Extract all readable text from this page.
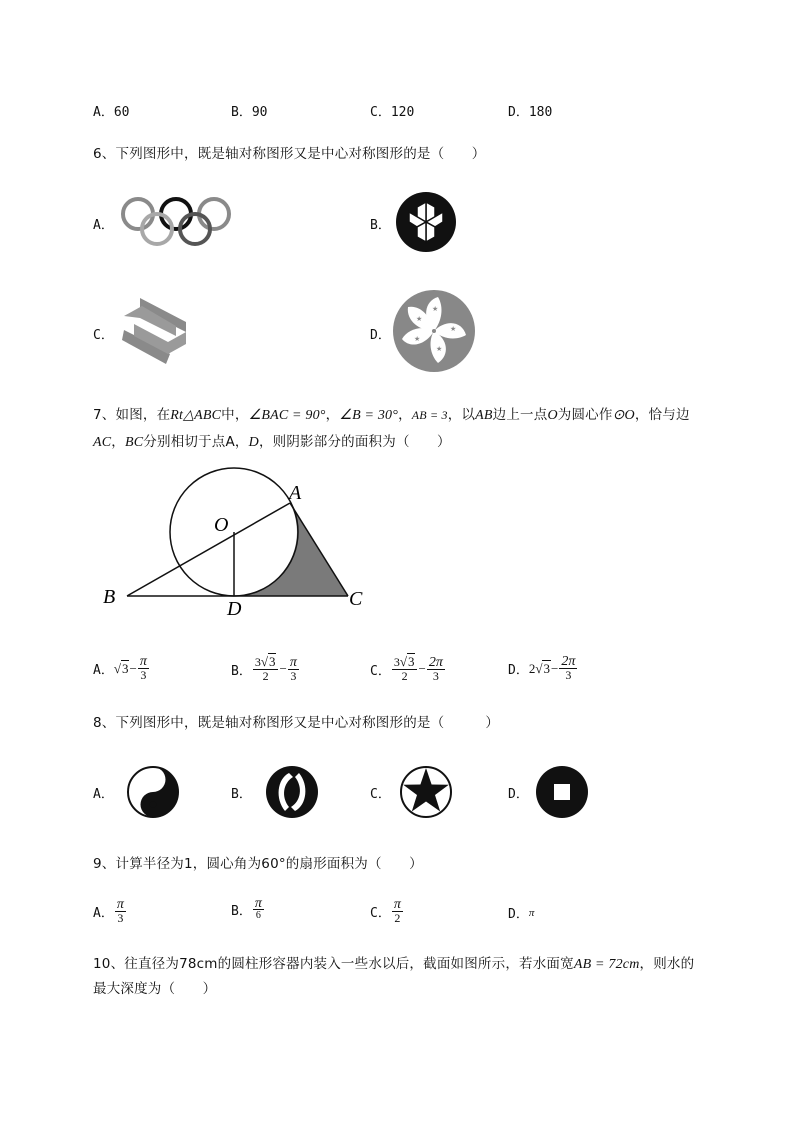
A．60	B．90	C．120	D．180
6、下列图形中，既是轴对称图形又是中心对称图形的是（　　）
A．	B．
C．	D．
★
★
★
★
★
7、如图，在Rt△ABC中，∠BAC = 90°，∠B = 30°，AB = 3，以AB边上一点O为圆心作⊙O，恰与边
AC，BC分别相切于点A，D，则阴影部分的面积为（　　）
A
O
B
D	C
A． $√3 - \frac{\pi}{3}$	B． $\frac{3√3}{2} - \frac{\pi}{3}$	C． $\frac{3√3}{2} - \frac{2\pi}{3}$	D． 2 $√3 - \frac{2\pi}{3}$
8、下列图形中，既是轴对称图形又是中心对称图形的是（　　　）
A．	B．	C．	D．
9、计算半径为1，圆心角为60°的扇形面积为（　　）
A． $\frac{\pi}{3}$	B． $\frac{\pi}{6}$	C． $\frac{\pi}{2}$	D． π
10、往直径为78cm的圆柱形容器内装入一些水以后，截面如图所示，若水面宽AB = 72cm，则水的
最大深度为（　　）
